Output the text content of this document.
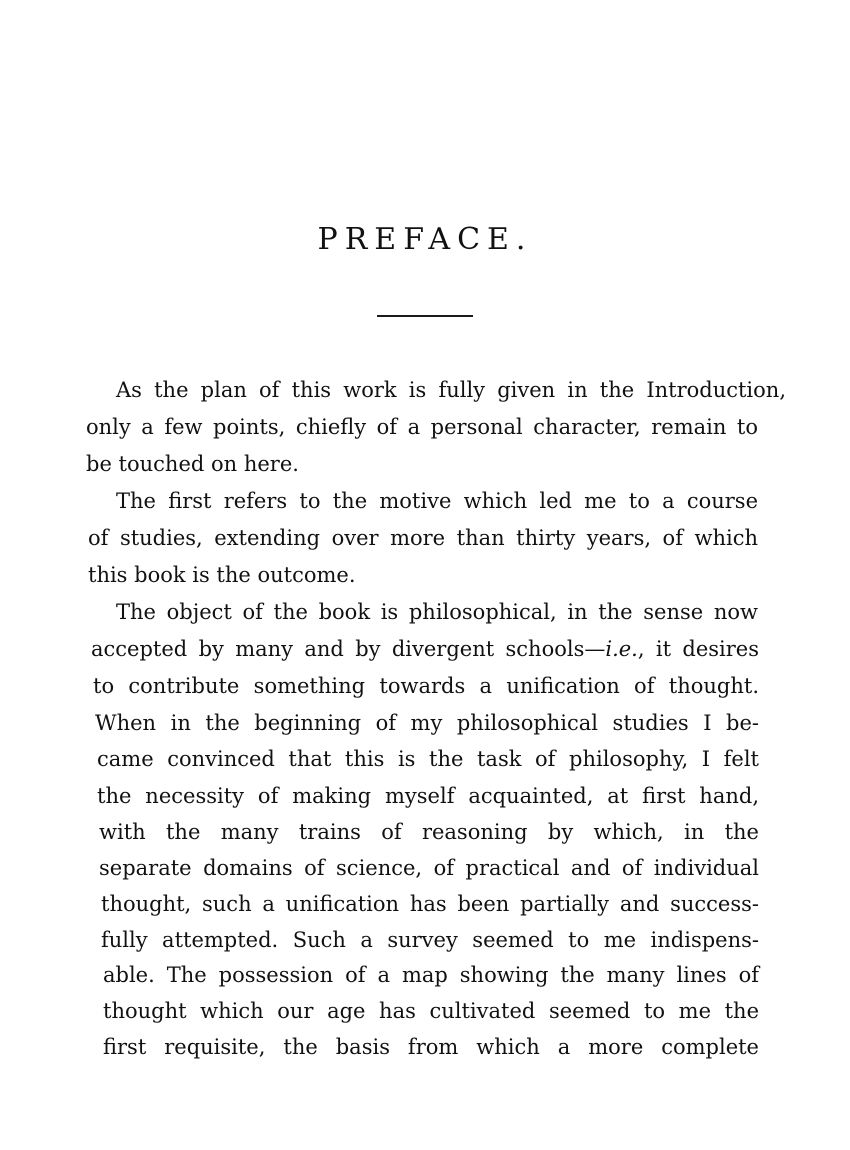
PREFACE.
As the plan of this work is fully given in the Introduction,
only a few points, chiefly of a personal character, remain to
be touched on here.
The first refers to the motive which led me to a course
of studies, extending over more than thirty years, of which
this book is the outcome.
The object of the book is philosophical, in the sense now
accepted by many and by divergent schools—i.e., it desires
to contribute something towards a unification of thought.
When in the beginning of my philosophical studies I be-
came convinced that this is the task of philosophy, I felt
the necessity of making myself acquainted, at first hand,
with the many trains of reasoning by which, in the
separate domains of science, of practical and of individual
thought, such a unification has been partially and success-
fully attempted. Such a survey seemed to me indispens-
able. The possession of a map showing the many lines of
thought which our age has cultivated seemed to me the
first requisite, the basis from which a more complete
